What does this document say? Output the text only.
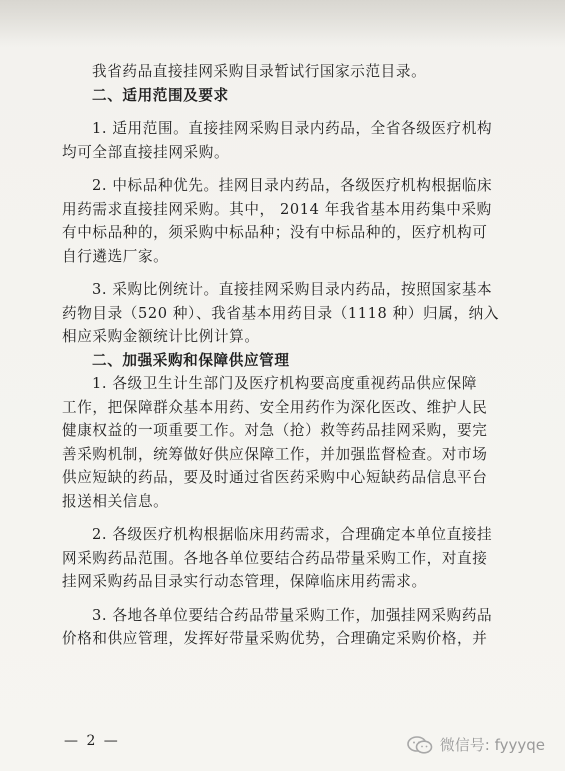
我省药品直接挂网采购目录暂试行国家示范目录。
二、适用范围及要求
1. 适用范围。直接挂网采购目录内药品，全省各级医疗机构
均可全部直接挂网采购。
2. 中标品种优先。挂网目录内药品，各级医疗机构根据临床
用药需求直接挂网采购。其中， 2014 年我省基本用药集中采购
有中标品种的，须采购中标品种；没有中标品种的，医疗机构可
自行遴选厂家。
3. 采购比例统计。直接挂网采购目录内药品，按照国家基本
药物目录（520 种）、我省基本用药目录（1118 种）归属，纳入
相应采购金额统计比例计算。
二、加强采购和保障供应管理
1. 各级卫生计生部门及医疗机构要高度重视药品供应保障
工作，把保障群众基本用药、安全用药作为深化医改、维护人民
健康权益的一项重要工作。对急（抢）救等药品挂网采购，要完
善采购机制，统筹做好供应保障工作，并加强监督检查。对市场
供应短缺的药品，要及时通过省医药采购中心短缺药品信息平台
报送相关信息。
2. 各级医疗机构根据临床用药需求，合理确定本单位直接挂
网采购药品范围。各地各单位要结合药品带量采购工作，对直接
挂网采购药品目录实行动态管理，保障临床用药需求。
3. 各地各单位要结合药品带量采购工作，加强挂网采购药品
价格和供应管理，发挥好带量采购优势，合理确定采购价格，并
— 2 —	微信号: fyyyqe
